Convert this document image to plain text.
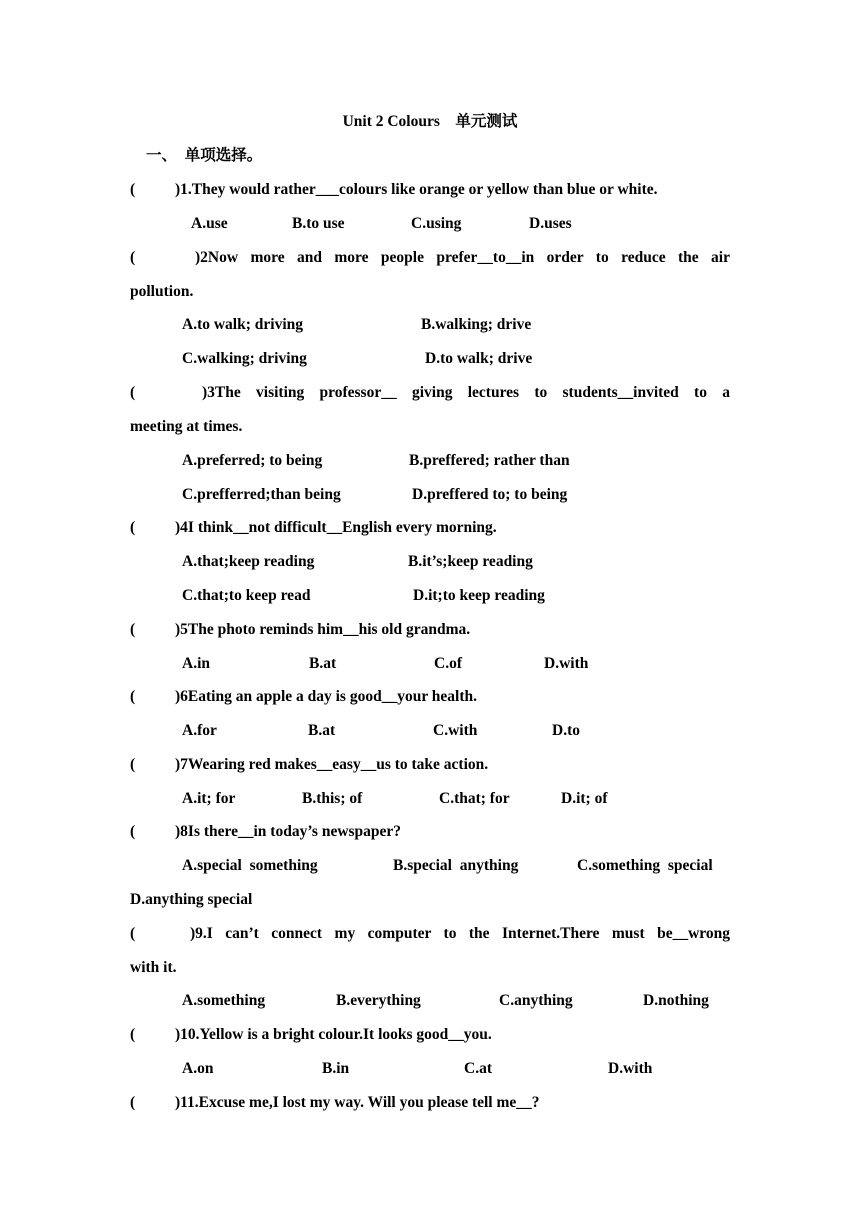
Unit 2 Colours　单元测试
一、　单项选择。
(	)1.They would rather___colours like orange or yellow than blue or white.
A.use	B.to use	C.using	D.uses
(	)2Now more and more people prefer__to__in order to reduce the air
pollution.
A.to walk; driving	B.walking; drive
C.walking; driving	D.to walk; drive
(	)3The visiting professor__ giving lectures to students__invited to a
meeting at times.
A.preferred; to being	B.preffered; rather than
C.prefferred;than being	D.preffered to; to being
(	)4I think__not difficult__English every morning.
A.that;keep reading	B.it’s;keep reading
C.that;to keep read	D.it;to keep reading
(	)5The photo reminds him__his old grandma.
A.in	B.at	C.of	D.with
(	)6Eating an apple a day is good__your health.
A.for	B.at	C.with	D.to
(	)7Wearing red makes__easy__us to take action.
A.it; for	B.this; of	C.that; for	D.it; of
(	)8Is there__in today’s newspaper?
A.special  something	B.special  anything	C.something  special
D.anything special
(	)9.I can’t connect my computer to the Internet.There must be__wrong
with it.
A.something	B.everything	C.anything	D.nothing
(	)10.Yellow is a bright colour.It looks good__you.
A.on	B.in	C.at	D.with
(	)11.Excuse me,I lost my way. Will you please tell me__?
